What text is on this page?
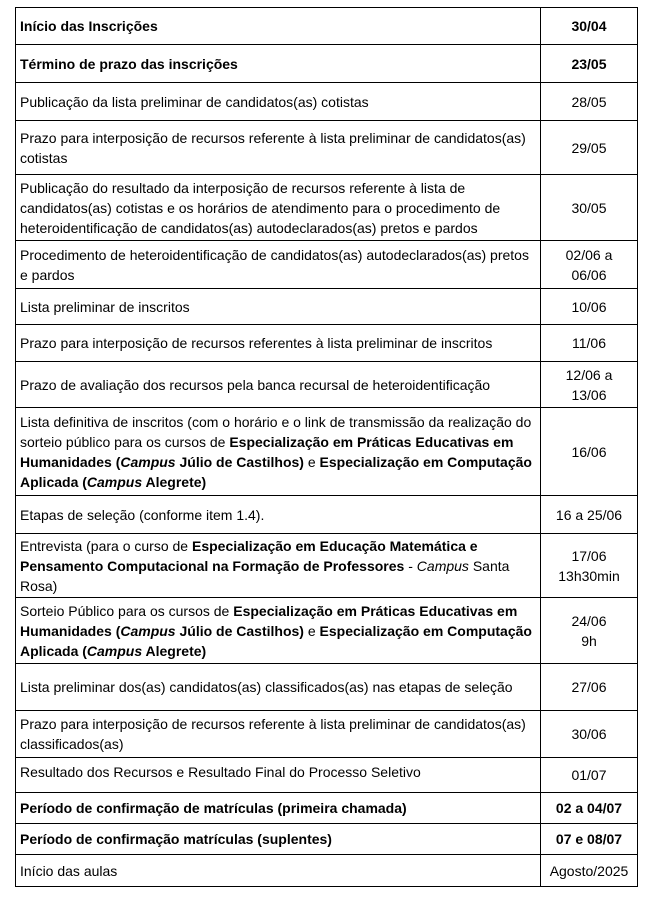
Início das Inscrições	30/04
Término de prazo das inscrições	23/05
Publicação da lista preliminar de candidatos(as) cotistas	28/05
Prazo para interposição de recursos referente à lista preliminar de candidatos(as) cotistas	29/05
Publicação do resultado da interposição de recursos referente à lista de candidatos(as) cotistas e os horários de atendimento para o procedimento de heteroidentificação de candidatos(as) autodeclarados(as) pretos e pardos	30/05
Procedimento de heteroidentificação de candidatos(as) autodeclarados(as) pretos e pardos	02/06 a
06/06
Lista preliminar de inscritos	10/06
Prazo para interposição de recursos referentes à lista preliminar de inscritos	11/06
Prazo de avaliação dos recursos pela banca recursal de heteroidentificação	12/06 a
13/06
Lista definitiva de inscritos (com o horário e o link de transmissão da realização do sorteio público para os cursos de Especialização em Práticas Educativas em Humanidades (Campus Júlio de Castilhos) e Especialização em Computação Aplicada (Campus Alegrete)	16/06
Etapas de seleção (conforme item 1.4).	16 a 25/06
Entrevista (para o curso de Especialização em Educação Matemática e Pensamento Computacional na Formação de Professores - Campus Santa Rosa)	17/06
13h30min
Sorteio Público para os cursos de Especialização em Práticas Educativas em Humanidades (Campus Júlio de Castilhos) e Especialização em Computação Aplicada (Campus Alegrete)	24/06
9h
Lista preliminar dos(as) candidatos(as) classificados(as) nas etapas de seleção	27/06
Prazo para interposição de recursos referente à lista preliminar de candidatos(as) classificados(as)	30/06
Resultado dos Recursos e Resultado Final do Processo Seletivo	01/07
Período de confirmação de matrículas (primeira chamada)	02 a 04/07
Período de confirmação matrículas (suplentes)	07 e 08/07
Início das aulas	Agosto/2025
